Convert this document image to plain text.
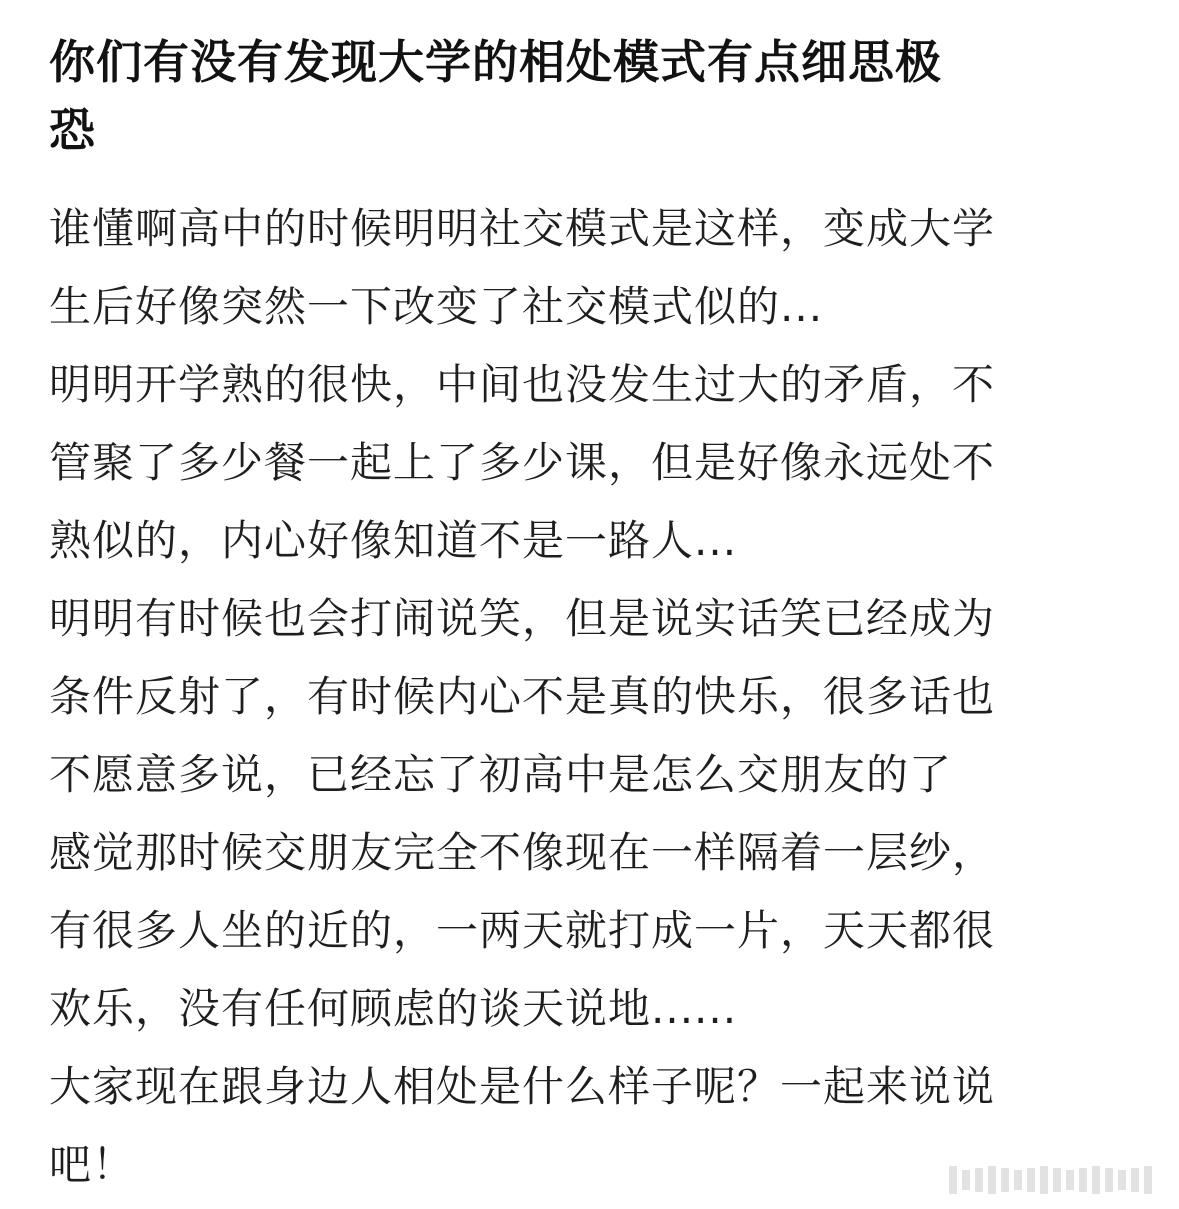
你们有没有发现大学的相处模式有点细思极
恐
谁懂啊高中的时候明明社交模式是这样，变成大学
生后好像突然一下改变了社交模式似的...
明明开学熟的很快，中间也没发生过大的矛盾，不
管聚了多少餐一起上了多少课，但是好像永远处不
熟似的，内心好像知道不是一路人...
明明有时候也会打闹说笑，但是说实话笑已经成为
条件反射了，有时候内心不是真的快乐，很多话也
不愿意多说，已经忘了初高中是怎么交朋友的了
感觉那时候交朋友完全不像现在一样隔着一层纱，
有很多人坐的近的，一两天就打成一片，天天都很
欢乐，没有任何顾虑的谈天说地......
大家现在跟身边人相处是什么样子呢？一起来说说
吧！
